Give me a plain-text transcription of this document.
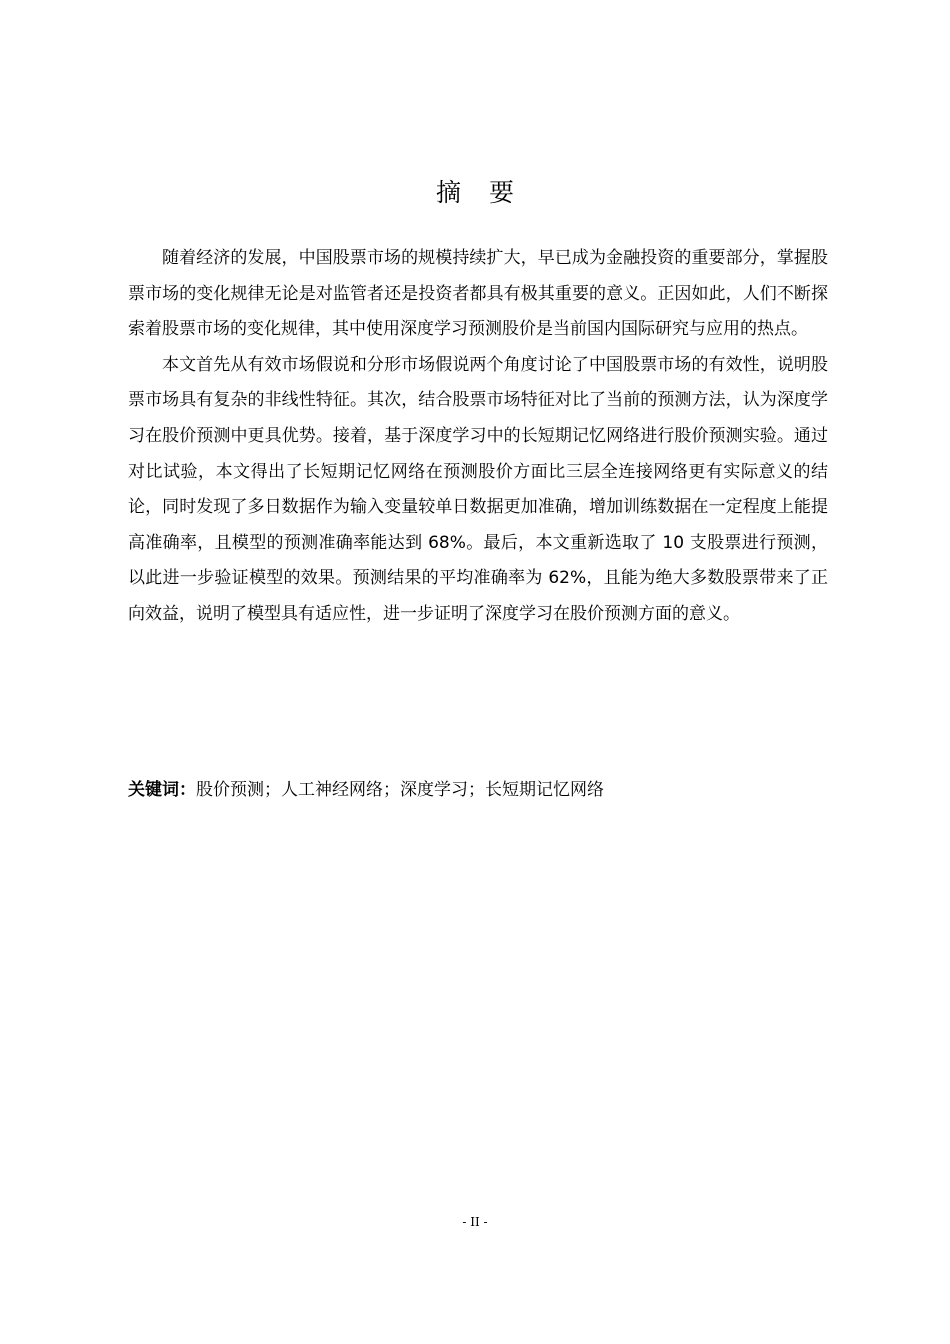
摘要

随着经济的发展，中国股票市场的规模持续扩大，早已成为金融投资的重要部分，掌握股票市场的变化规律无论是对监管者还是投资者都具有极其重要的意义。正因如此，人们不断探索着股票市场的变化规律，其中使用深度学习预测股价是当前国内国际研究与应用的热点。

本文首先从有效市场假说和分形市场假说两个角度讨论了中国股票市场的有效性，说明股票市场具有复杂的非线性特征。其次，结合股票市场特征对比了当前的预测方法，认为深度学习在股价预测中更具优势。接着，基于深度学习中的长短期记忆网络进行股价预测实验。通过对比试验，本文得出了长短期记忆网络在预测股价方面比三层全连接网络更有实际意义的结论，同时发现了多日数据作为输入变量较单日数据更加准确，增加训练数据在一定程度上能提高准确率，且模型的预测准确率能达到 68%。最后，本文重新选取了 10 支股票进行预测，以此进一步验证模型的效果。预测结果的平均准确率为 62%，且能为绝大多数股票带来了正向效益，说明了模型具有适应性，进一步证明了深度学习在股价预测方面的意义。

关键词：股价预测；人工神经网络；深度学习；长短期记忆网络
- II -
